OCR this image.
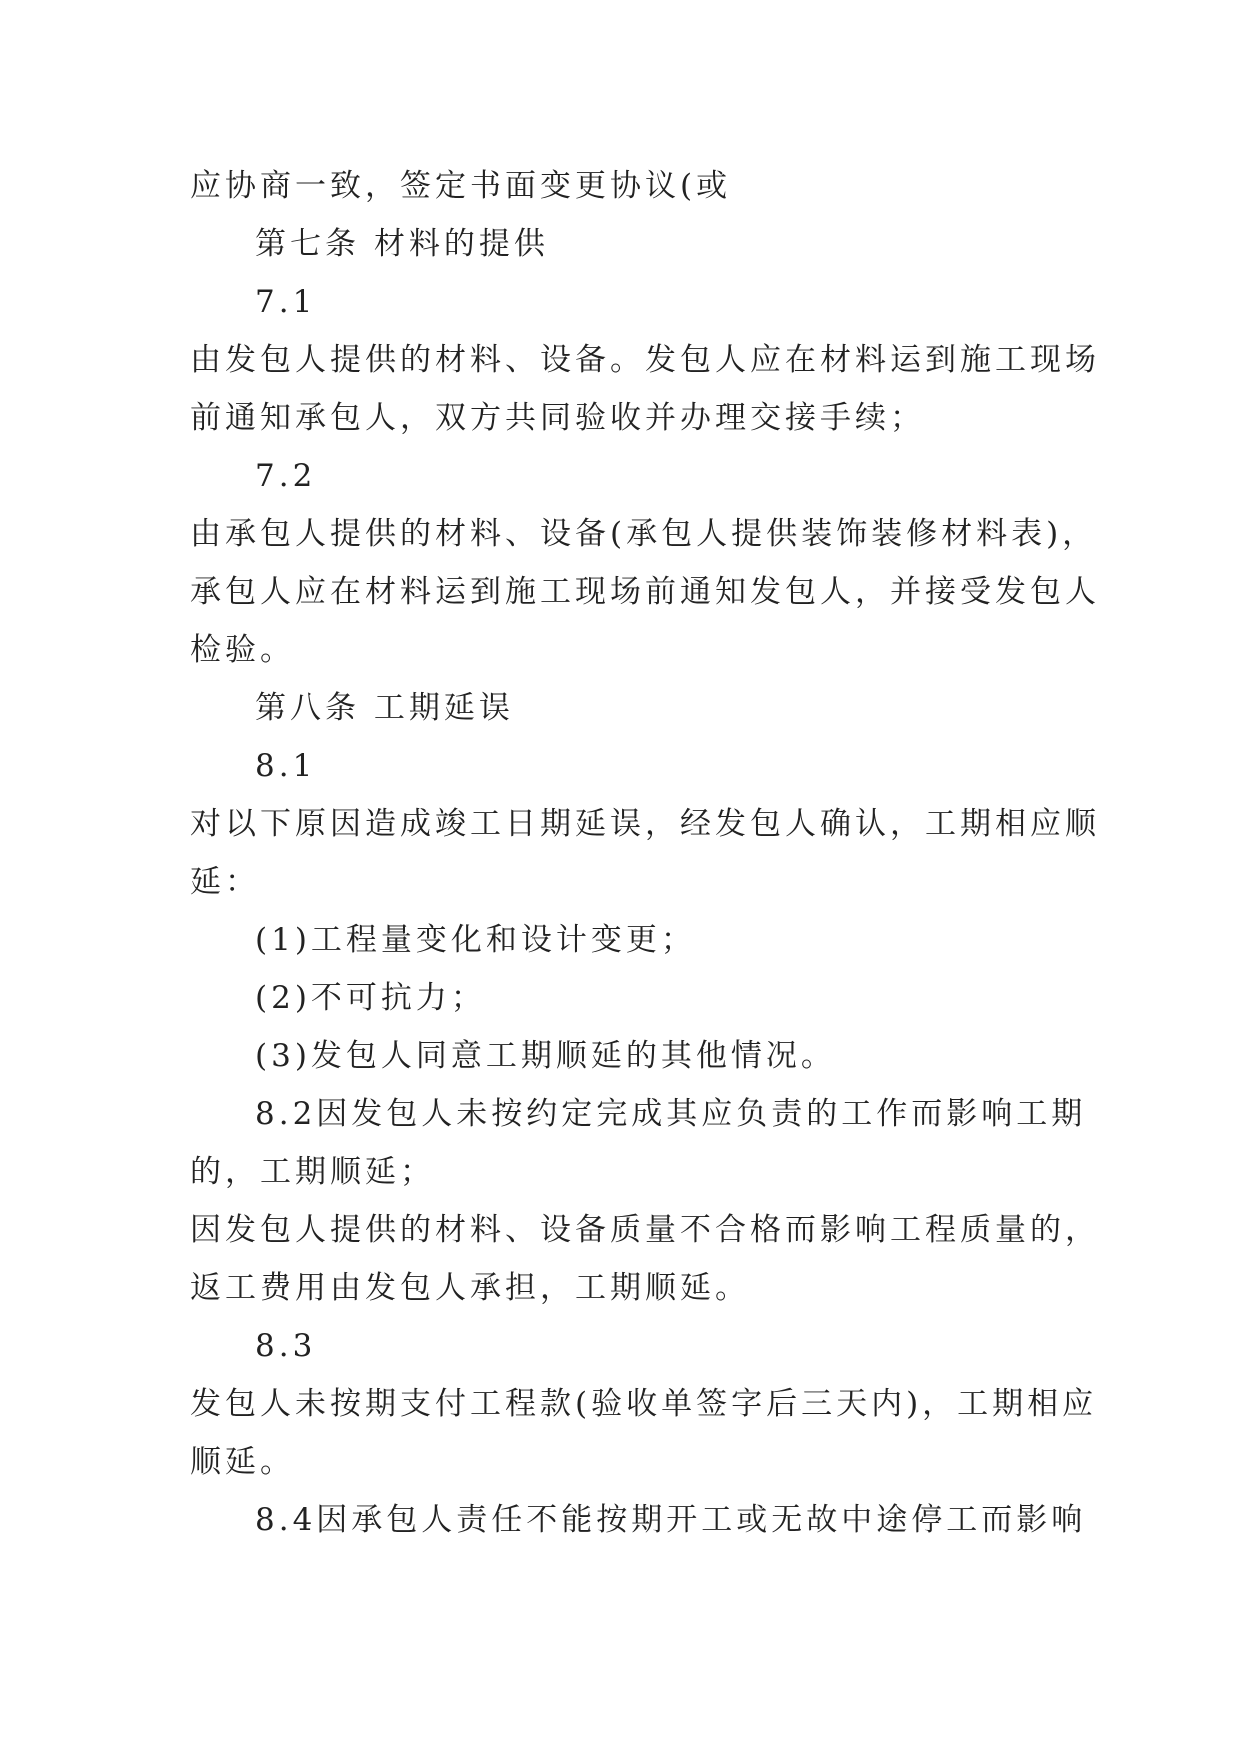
应协商一致，签定书面变更协议(或
第七条 材料的提供
7.1
由发包人提供的材料、设备。发包人应在材料运到施工现场
前通知承包人，双方共同验收并办理交接手续；
7.2
由承包人提供的材料、设备(承包人提供装饰装修材料表)，
承包人应在材料运到施工现场前通知发包人，并接受发包人
检验。
第八条 工期延误
8.1
对以下原因造成竣工日期延误，经发包人确认，工期相应顺
延：
(1)工程量变化和设计变更；
(2)不可抗力；
(3)发包人同意工期顺延的其他情况。
8.2因发包人未按约定完成其应负责的工作而影响工期
的，工期顺延；
因发包人提供的材料、设备质量不合格而影响工程质量的，
返工费用由发包人承担，工期顺延。
8.3
发包人未按期支付工程款(验收单签字后三天内)，工期相应
顺延。
8.4因承包人责任不能按期开工或无故中途停工而影响
